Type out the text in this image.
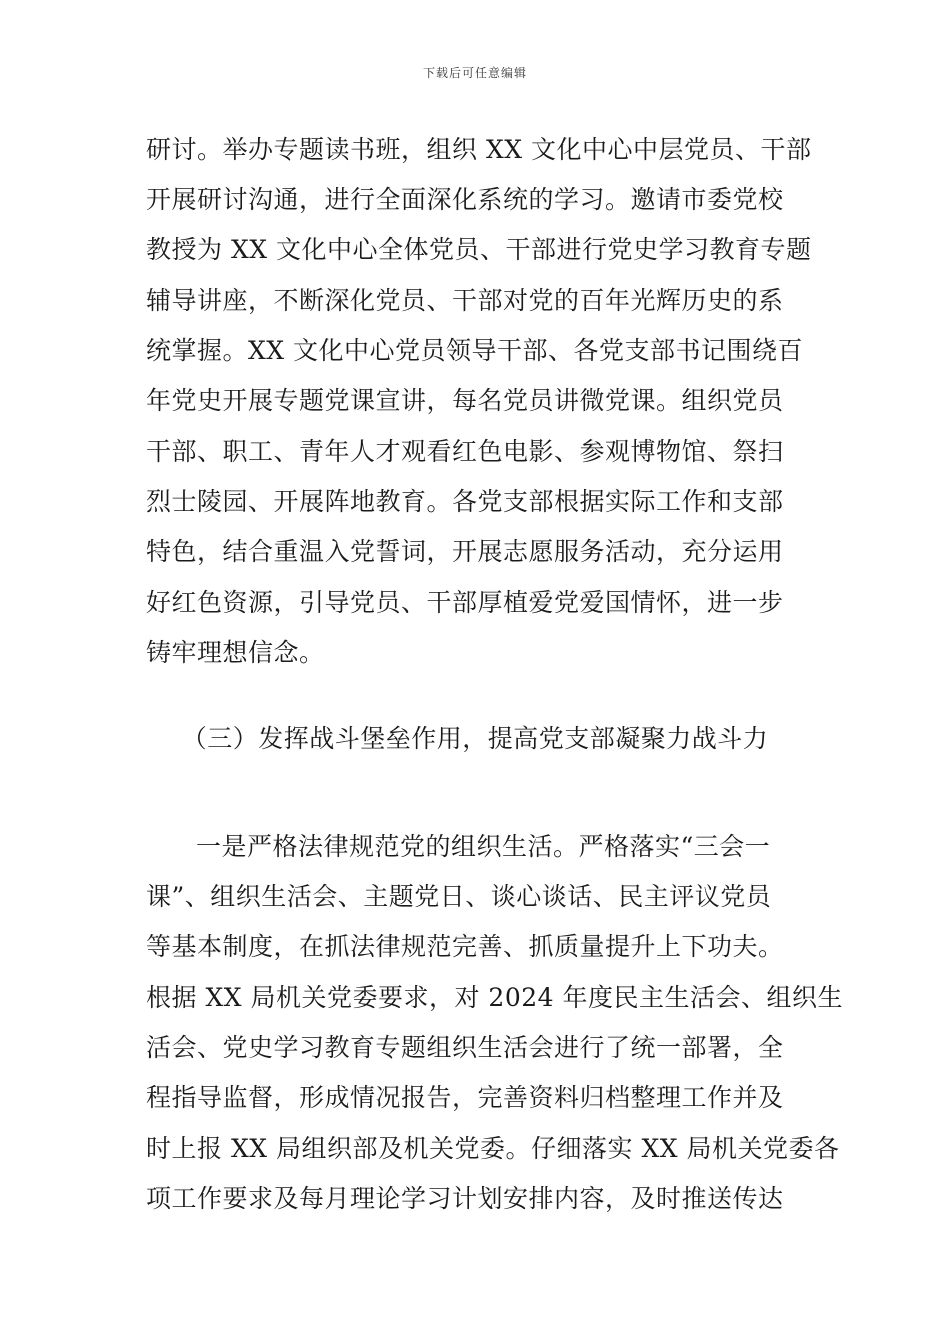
下载后可任意编辑
研讨。举办专题读书班，组织 XX 文化中心中层党员、干部
开展研讨沟通，进行全面深化系统的学习。邀请市委党校
教授为 XX 文化中心全体党员、干部进行党史学习教育专题
辅导讲座，不断深化党员、干部对党的百年光辉历史的系
统掌握。XX 文化中心党员领导干部、各党支部书记围绕百
年党史开展专题党课宣讲，每名党员讲微党课。组织党员
干部、职工、青年人才观看红色电影、参观博物馆、祭扫
烈士陵园、开展阵地教育。各党支部根据实际工作和支部
特色，结合重温入党誓词，开展志愿服务活动，充分运用
好红色资源，引导党员、干部厚植爱党爱国情怀，进一步
铸牢理想信念。
（三）发挥战斗堡垒作用，提高党支部凝聚力战斗力
一是严格法律规范党的组织生活。严格落实“三会一
课”、组织生活会、主题党日、谈心谈话、民主评议党员
等基本制度，在抓法律规范完善、抓质量提升上下功夫。
根据 XX 局机关党委要求，对 2024 年度民主生活会、组织生
活会、党史学习教育专题组织生活会进行了统一部署，全
程指导监督，形成情况报告，完善资料归档整理工作并及
时上报 XX 局组织部及机关党委。仔细落实 XX 局机关党委各
项工作要求及每月理论学习计划安排内容，及时推送传达
